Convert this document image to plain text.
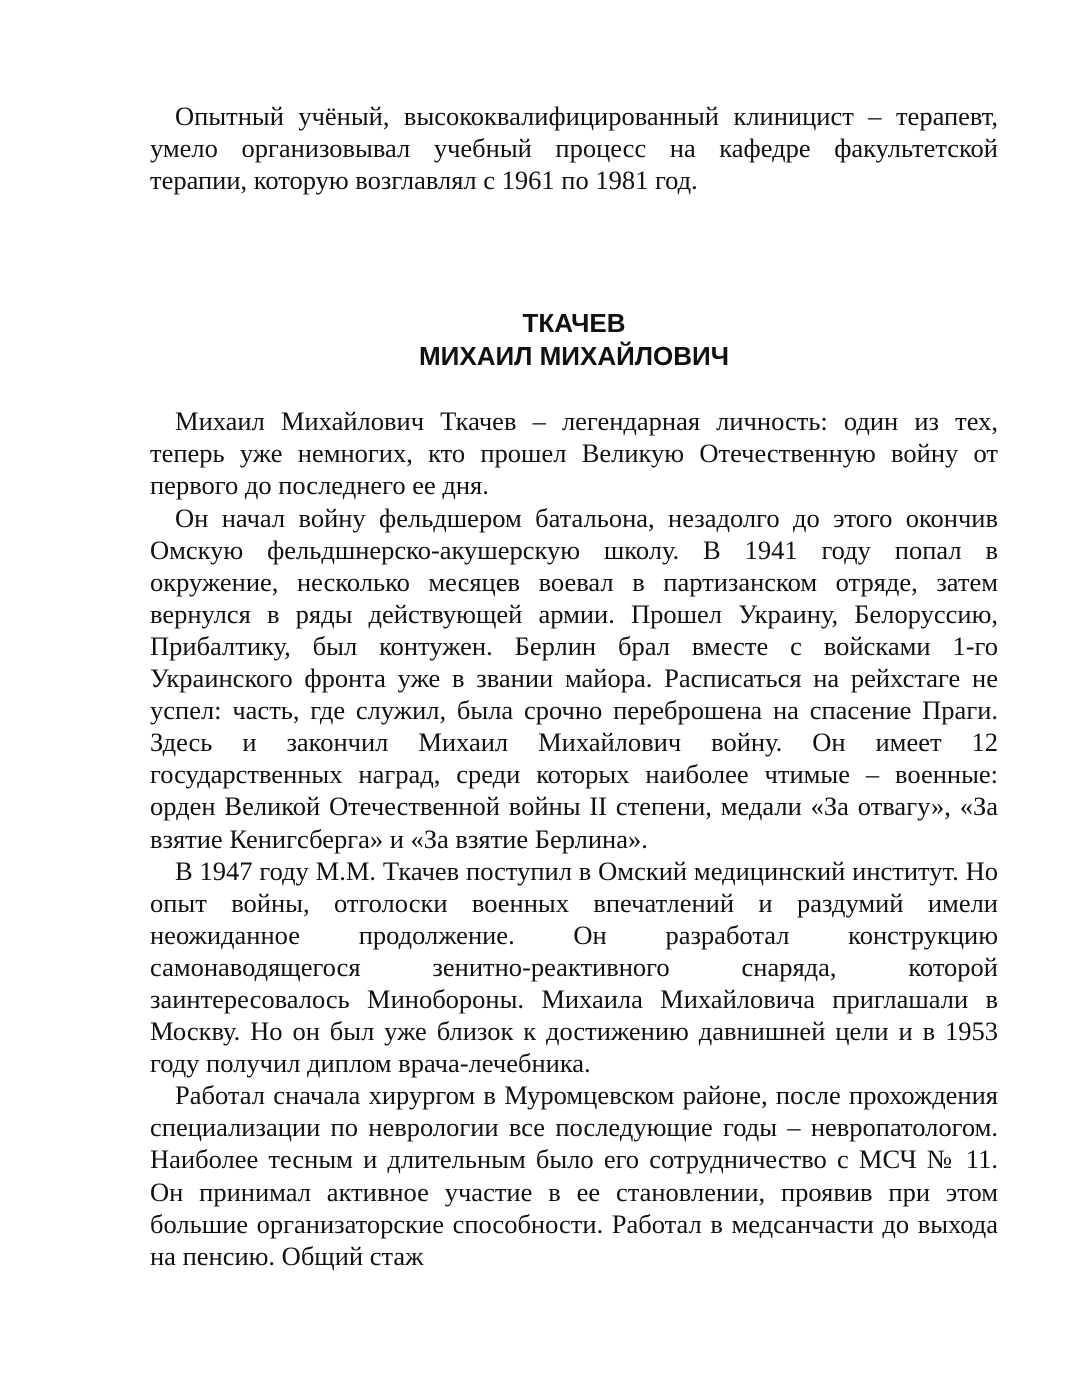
Опытный учёный, высококвалифицированный клиницист – терапевт, умело организовывал учебный процесс на кафедре факультетской терапии, которую возглавлял с 1961 по 1981 год.

ТКАЧЕВ
МИХАИЛ МИХАЙЛОВИЧ

Михаил Михайлович Ткачев – легендарная личность: один из тех, теперь уже немногих, кто прошел Великую Отечественную войну от первого до последнего ее дня.

Он начал войну фельдшером батальона, незадолго до этого окончив Омскую фельдшнерско-акушерскую школу. В 1941 году попал в окружение, несколько месяцев воевал в партизанском отряде, затем вернулся в ряды действующей армии. Прошел Украину, Белоруссию, Прибалтику, был контужен. Берлин брал вместе с войсками 1-го Украинского фронта уже в звании майора. Расписаться на рейхстаге не успел: часть, где служил, была срочно переброшена на спасение Праги. Здесь и закончил Михаил Михайлович войну. Он имеет 12 государственных наград, среди которых наиболее чтимые – военные: орден Великой Отечественной войны II степени, медали «За отвагу», «За взятие Кенигсберга» и «За взятие Берлина».

В 1947 году М.М. Ткачев поступил в Омский медицинский институт. Но опыт войны, отголоски военных впечатлений и раздумий имели неожиданное продолжение. Он разработал конструкцию самонаводящегося зенитно-реактивного снаряда, которой заинтересовалось Минобороны. Михаила Михайловича приглашали в Москву. Но он был уже близок к достижению давнишней цели и в 1953 году получил диплом врача-лечебника.

Работал сначала хирургом в Муромцевском районе, после прохождения специализации по неврологии все последующие годы – невропатологом. Наиболее тесным и длительным было его сотрудничество с МСЧ № 11. Он принимал активное участие в ее становлении, проявив при этом большие организаторские способности. Работал в медсанчасти до выхода на пенсию. Общий стаж
